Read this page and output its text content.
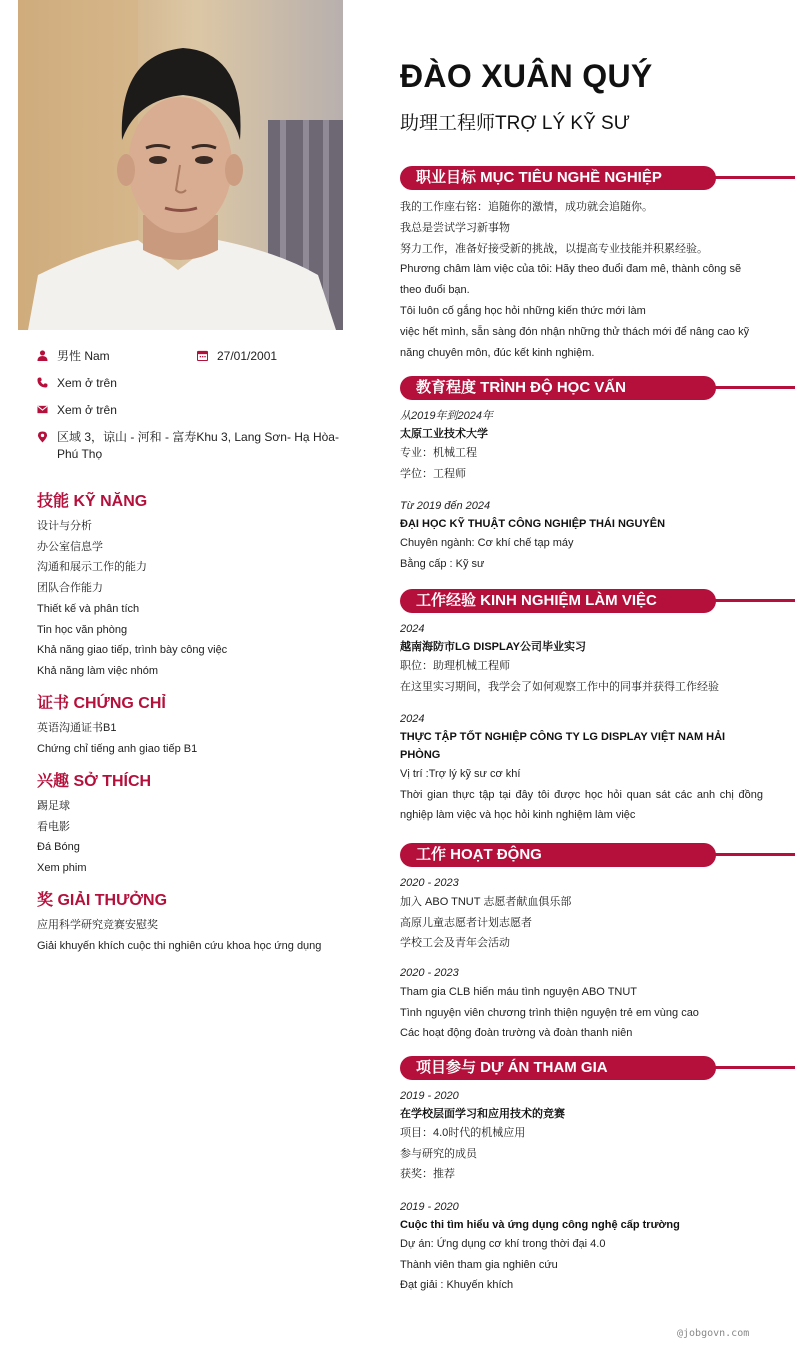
男性 Nam	27/01/2001
Xem ở trên
Xem ở trên
区域 3，谅山 - 河和 - 富寿Khu 3, Lang Sơn- Hạ Hòa- Phú Thọ
技能 KỸ NĂNG
设计与分析
办公室信息学
沟通和展示工作的能力
团队合作能力
Thiết kế và phân tích
Tin học văn phòng
Khả năng giao tiếp, trình bày công việc
Khả năng làm việc nhóm
证书 CHỨNG CHỈ
英语沟通证书B1
Chứng chỉ tiếng anh giao tiếp B1
兴趣 SỞ THÍCH
踢足球
看电影
Đá Bóng
Xem phim
奖 GIẢI THƯỞNG
应用科学研究竞赛安慰奖
Giải khuyến khích cuộc thi nghiên cứu khoa học ứng dụng
ĐÀO XUÂN QUÝ
助理工程师TRỢ LÝ KỸ SƯ
职业目标 MỤC TIÊU NGHỀ NGHIỆP
我的工作座右铭：追随你的激情，成功就会追随你。
我总是尝试学习新事物
努力工作，准备好接受新的挑战，以提高专业技能并积累经验。
Phương châm làm việc của tôi: Hãy theo đuổi đam mê, thành công sẽ
theo đuổi bạn.
Tôi luôn cố gắng học hỏi những kiến thức mới làm
việc hết mình, sẵn sàng đón nhận những thử thách mới để nâng cao kỹ
năng chuyên môn, đúc kết kinh nghiệm.
教育程度 TRÌNH ĐỘ HỌC VẤN
从2019年到2024年
太原工业技术大学
专业：机械工程
学位：工程师
Từ 2019 đến 2024
ĐẠI HỌC KỸ THUẬT CÔNG NGHIỆP THÁI NGUYÊN
Chuyên ngành: Cơ khí chế tạp máy
Bằng cấp : Kỹ sư
工作经验 KINH NGHIỆM LÀM VIỆC
2024
越南海防市LG DISPLAY公司毕业实习
职位：助理机械工程师
在这里实习期间，我学会了如何观察工作中的同事并获得工作经验
2024
THỰC TẬP TỐT NGHIỆP CÔNG TY LG DISPLAY VIỆT NAM HẢI PHÒNG
Vị trí :Trợ lý kỹ sư cơ khí
Thời gian thực tập tại đây tôi được học hỏi quan sát các anh chị đồng nghiệp làm việc và học hỏi kinh nghiệm làm việc
工作 HOẠT ĐỘNG
2020 - 2023
加入 ABO TNUT 志愿者献血俱乐部
高原儿童志愿者计划志愿者
学校工会及青年会活动
2020 - 2023
Tham gia CLB hiến máu tình nguyện ABO TNUT
Tình nguyện viên chương trình thiện nguyện trẻ em vùng cao
Các hoạt động đoàn trường và đoàn thanh niên
项目参与 DỰ ÁN THAM GIA
2019 - 2020
在学校层面学习和应用技术的竞赛
项目：4.0时代的机械应用
参与研究的成员
获奖：推荐
2019 - 2020
Cuộc thi tìm hiểu và ứng dụng công nghệ cấp trường
Dự án: Ứng dụng cơ khí trong thời đại 4.0
Thành viên tham gia nghiên cứu
Đạt giải : Khuyến khích
@jobgovn.com
